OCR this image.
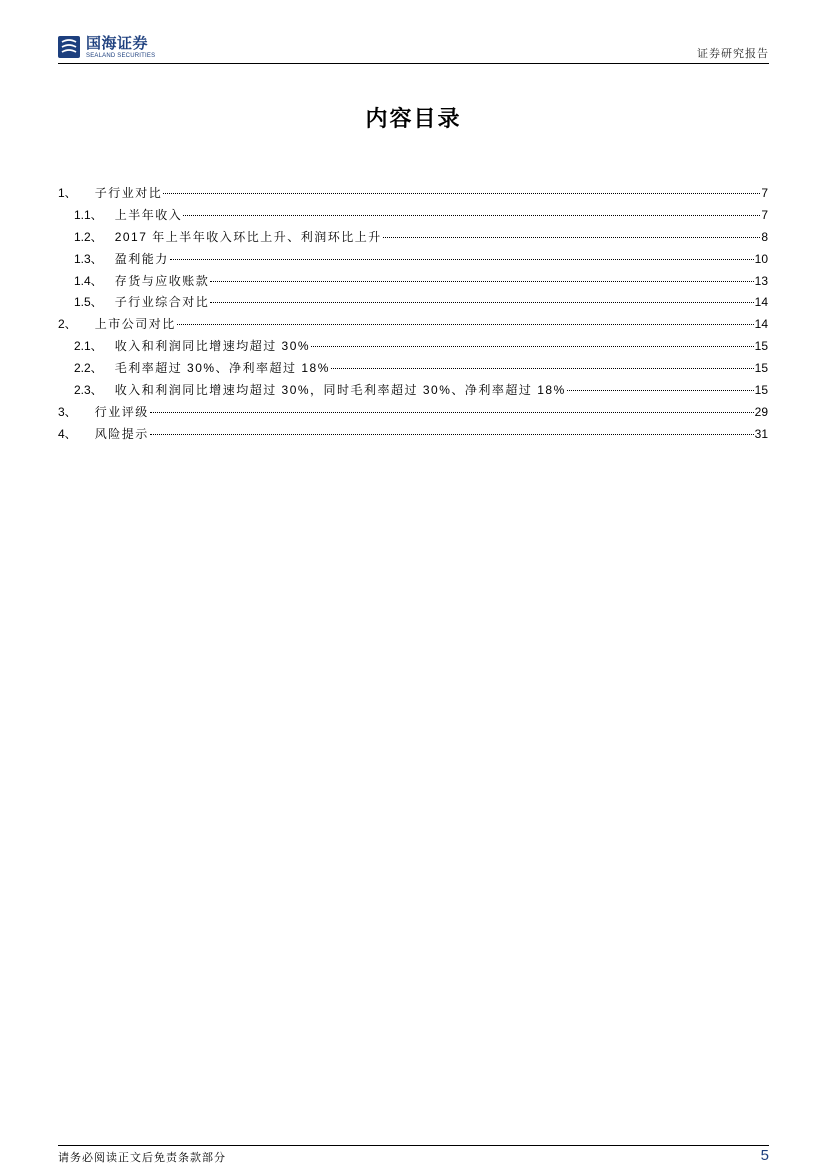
国海证券
SEALAND SECURITIES	证券研究报告
内容目录
1、 子行业对比	7
1.1、 上半年收入	7
1.2、 2017 年上半年收入环比上升、利润环比上升	8
1.3、 盈利能力	10
1.4、 存货与应收账款	13
1.5、 子行业综合对比	14
2、 上市公司对比	14
2.1、 收入和利润同比增速均超过 30%	15
2.2、 毛利率超过 30%、净利率超过 18%	15
2.3、 收入和利润同比增速均超过 30%，同时毛利率超过 30%、净利率超过 18%	15
3、 行业评级	29
4、 风险提示	31
请务必阅读正文后免责条款部分	5
